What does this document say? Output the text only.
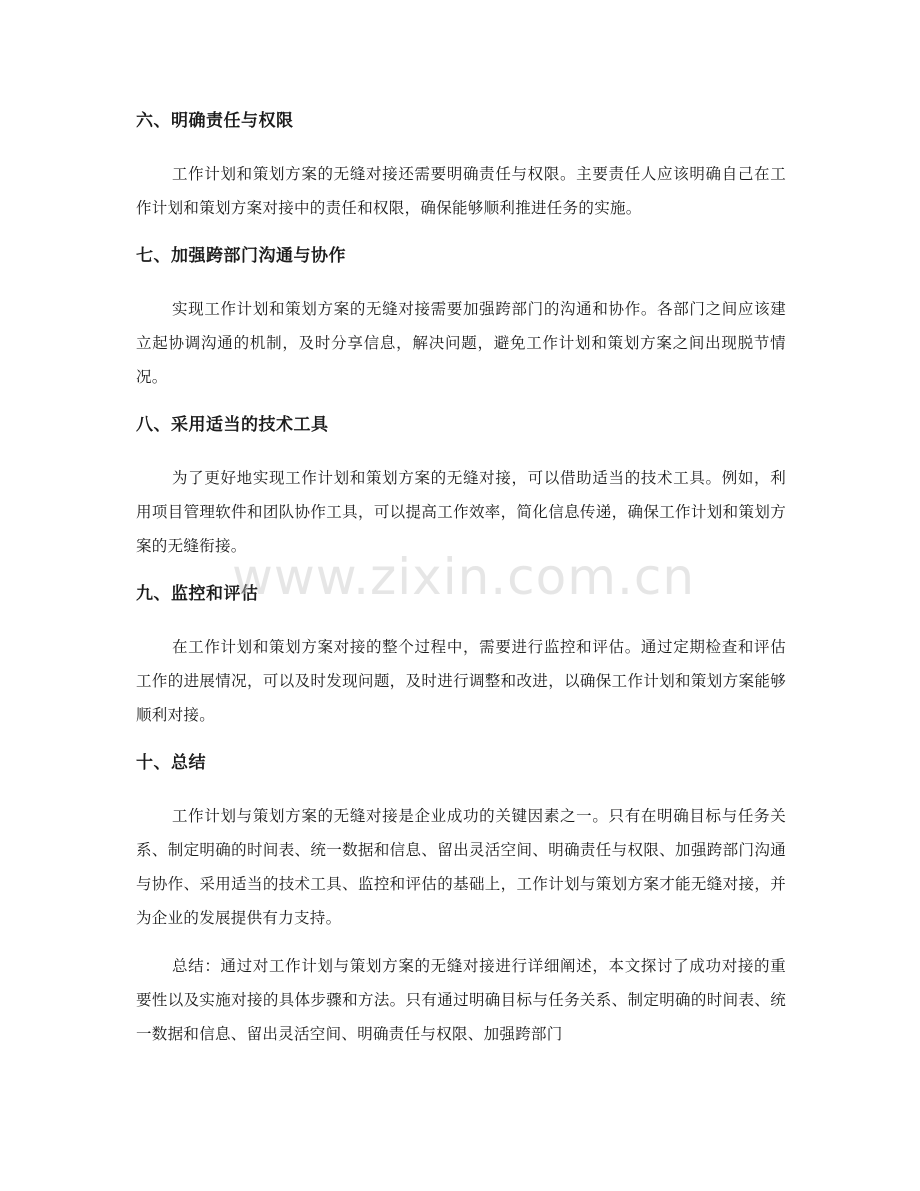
六、明确责任与权限

工作计划和策划方案的无缝对接还需要明确责任与权限。主要责任人应该明确自己在工作计划和策划方案对接中的责任和权限，确保能够顺利推进任务的实施。

七、加强跨部门沟通与协作

实现工作计划和策划方案的无缝对接需要加强跨部门的沟通和协作。各部门之间应该建立起协调沟通的机制，及时分享信息，解决问题，避免工作计划和策划方案之间出现脱节情况。

八、采用适当的技术工具

为了更好地实现工作计划和策划方案的无缝对接，可以借助适当的技术工具。例如，利用项目管理软件和团队协作工具，可以提高工作效率，简化信息传递，确保工作计划和策划方案的无缝衔接。

九、监控和评估

在工作计划和策划方案对接的整个过程中，需要进行监控和评估。通过定期检查和评估工作的进展情况，可以及时发现问题，及时进行调整和改进，以确保工作计划和策划方案能够顺利对接。

十、总结

工作计划与策划方案的无缝对接是企业成功的关键因素之一。只有在明确目标与任务关系、制定明确的时间表、统一数据和信息、留出灵活空间、明确责任与权限、加强跨部门沟通与协作、采用适当的技术工具、监控和评估的基础上，工作计划与策划方案才能无缝对接，并为企业的发展提供有力支持。

总结：通过对工作计划与策划方案的无缝对接进行详细阐述，本文探讨了成功对接的重要性以及实施对接的具体步骤和方法。只有通过明确目标与任务关系、制定明确的时间表、统一数据和信息、留出灵活空间、明确责任与权限、加强跨部门

www.zixin.com.cn
